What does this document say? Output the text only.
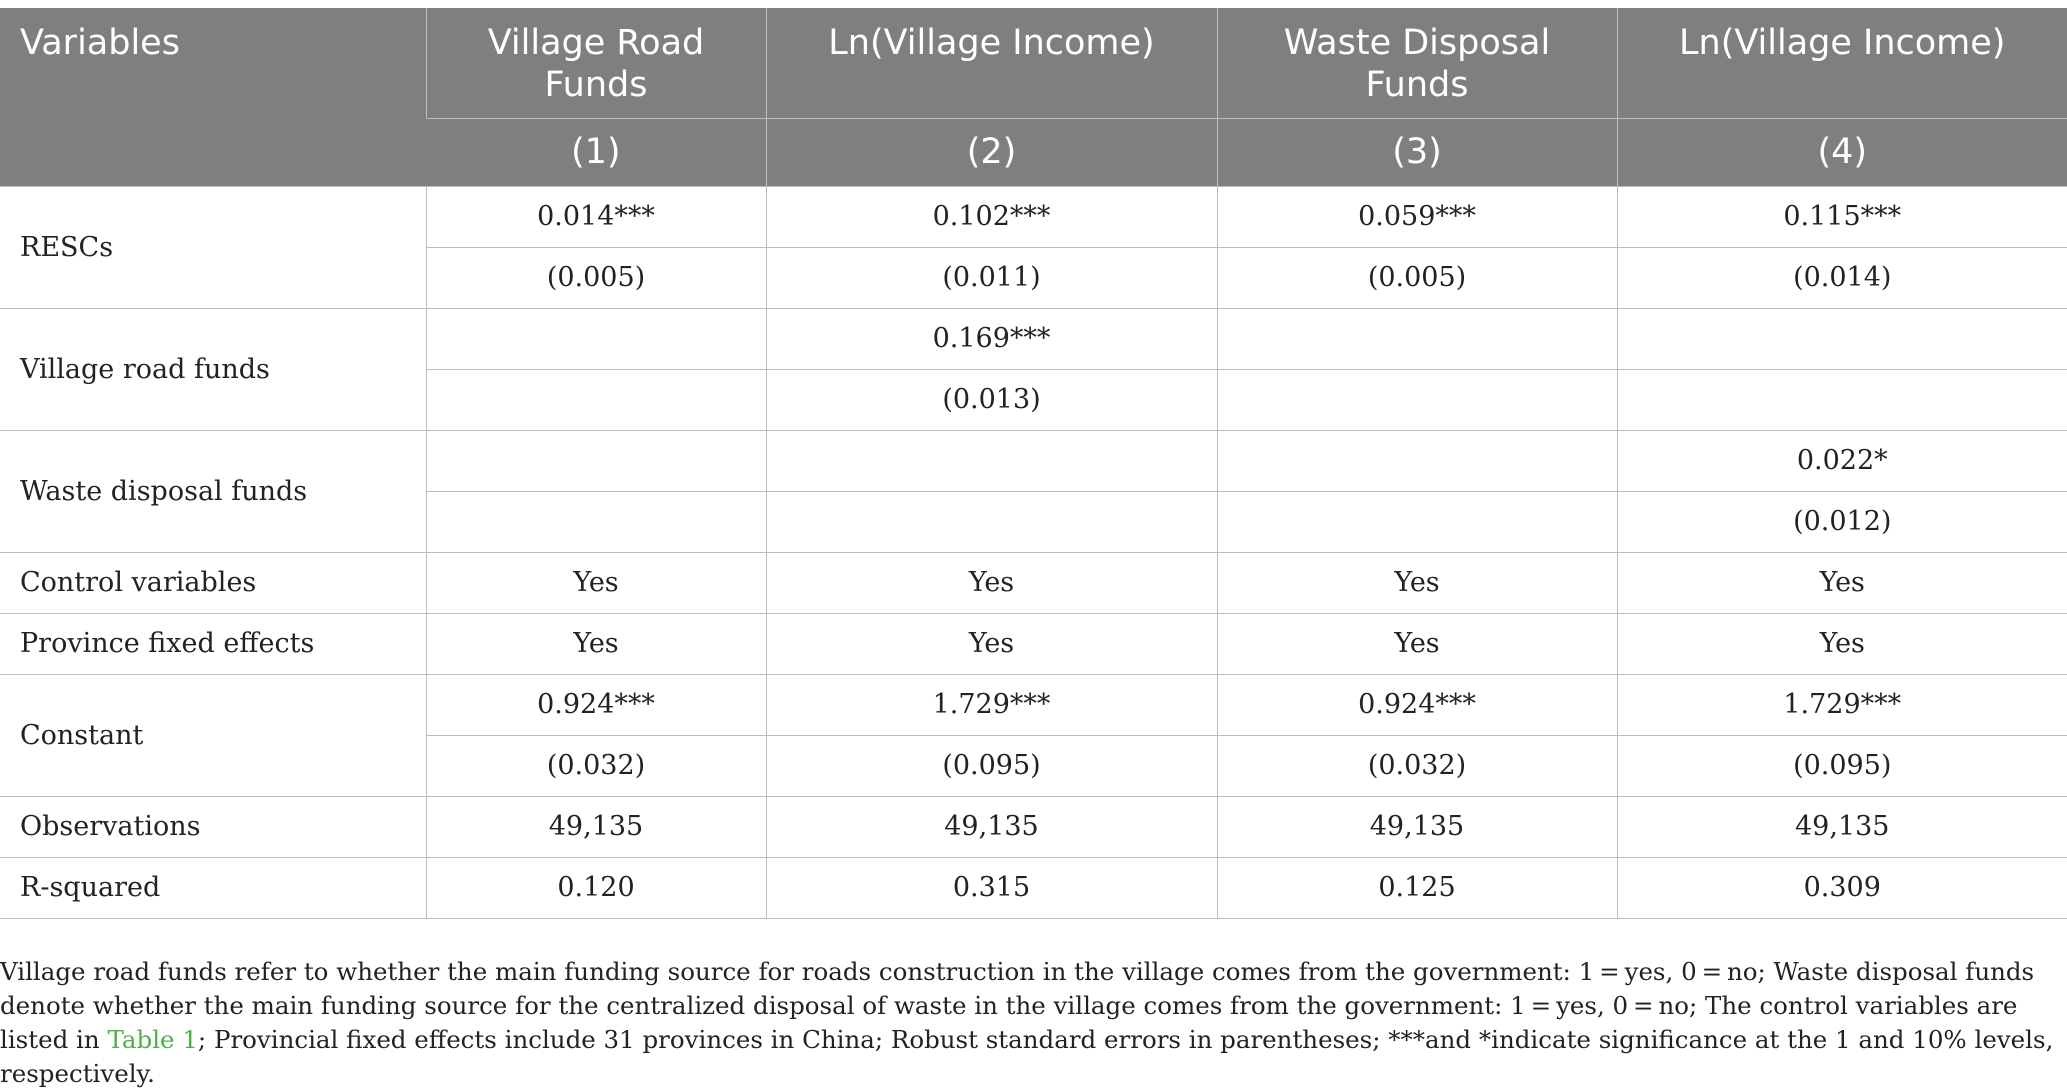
Variables	Village Road Funds	Ln(Village Income)	Waste Disposal Funds	Ln(Village Income)
	(1)	(2)	(3)	(4)
RESCs	0.014***	0.102***	0.059***	0.115***
	(0.005)	(0.011)	(0.005)	(0.014)
Village road funds		0.169***		
		(0.013)		
Waste disposal funds				0.022*
				(0.012)
Control variables	Yes	Yes	Yes	Yes
Province fixed effects	Yes	Yes	Yes	Yes
Constant	0.924***	1.729***	0.924***	1.729***
	(0.032)	(0.095)	(0.032)	(0.095)
Observations	49,135	49,135	49,135	49,135
R-squared	0.120	0.315	0.125	0.309

Village road funds refer to whether the main funding source for roads construction in the village comes from the government: 1 = yes, 0 = no; Waste disposal funds denote whether the main funding source for the centralized disposal of waste in the village comes from the government: 1 = yes, 0 = no; The control variables are listed in Table 1; Provincial fixed effects include 31 provinces in China; Robust standard errors in parentheses; ***and *indicate significance at the 1 and 10% levels, respectively.
